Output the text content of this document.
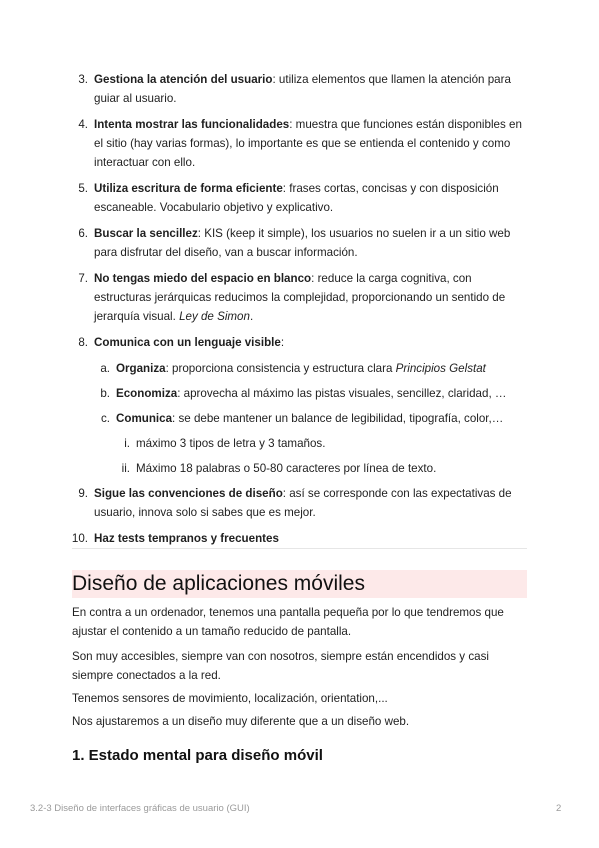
3. Gestiona la atención del usuario: utiliza elementos que llamen la atención para guiar al usuario.
4. Intenta mostrar las funcionalidades: muestra que funciones están disponibles en el sitio (hay varias formas), lo importante es que se entienda el contenido y como interactuar con ello.
5. Utiliza escritura de forma eficiente: frases cortas, concisas y con disposición escaneable. Vocabulario objetivo y explicativo.
6. Buscar la sencillez: KIS (keep it simple), los usuarios no suelen ir a un sitio web para disfrutar del diseño, van a buscar información.
7. No tengas miedo del espacio en blanco: reduce la carga cognitiva, con estructuras jerárquicas reducimos la complejidad, proporcionando un sentido de jerarquía visual. Ley de Simon.
8. Comunica con un lenguaje visible:
a. Organiza: proporciona consistencia y estructura clara Principios Gelstat
b. Economiza: aprovecha al máximo las pistas visuales, sencillez, claridad, …
c. Comunica: se debe mantener un balance de legibilidad, tipografía, color,…
i. máximo 3 tipos de letra y 3 tamaños.
ii. Máximo 18 palabras o 50-80 caracteres por línea de texto.
9. Sigue las convenciones de diseño: así se corresponde con las expectativas de usuario, innova solo si sabes que es mejor.
10. Haz tests tempranos y frecuentes
Diseño de aplicaciones móviles
En contra a un ordenador, tenemos una pantalla pequeña por lo que tendremos que ajustar el contenido a un tamaño reducido de pantalla.
Son muy accesibles, siempre van con nosotros, siempre están encendidos y casi siempre conectados a la red.
Tenemos sensores de movimiento, localización, orientation,...
Nos ajustaremos a un diseño muy diferente que a un diseño web.
1. Estado mental para diseño móvil
3.2-3 Diseño de interfaces gráficas de usuario (GUI)	2
